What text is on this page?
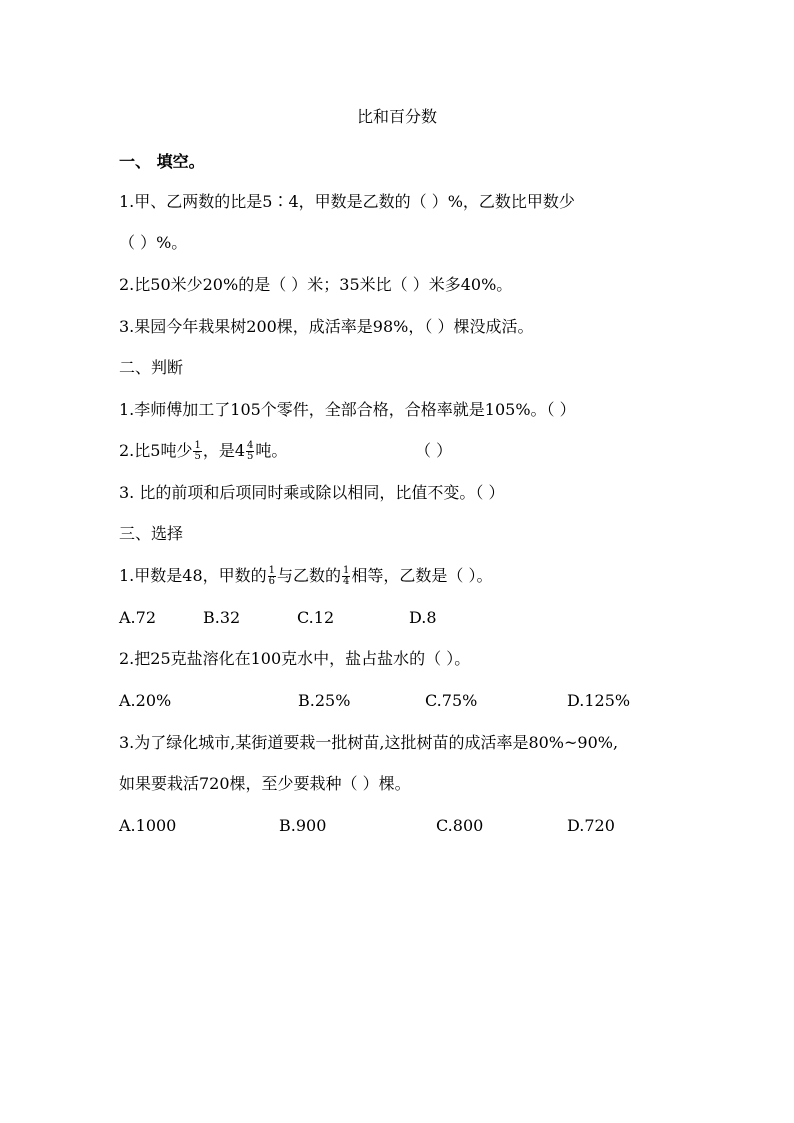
比和百分数
一、 填空。
1.甲、乙两数的比是5∶4，甲数是乙数的（ ）%，乙数比甲数少
（ ）%。
2.比50米少20%的是（ ）米；35米比（ ）米多40%。
3.果园今年栽果树200棵，成活率是98%，（ ）棵没成活。
二、判断
1.李师傅加工了105个零件，全部合格，合格率就是105%。（ ）
2.比5吨少 $\frac{1}{5}$ ，是$4 \frac{4}{5}$ 吨。	（ ）
3. 比的前项和后项同时乘或除以相同，比值不变。（ ）
三、选择
1.甲数是48，甲数的 $\frac{1}{6}$ 与乙数的 $\frac{1}{4}$ 相等，乙数是（ ）。
A.72	B.32	C.12	D.8
2.把25克盐溶化在100克水中，盐占盐水的（ ）。
A.20%	B.25%	C.75%	D.125%
3.为了绿化城市,某街道要栽一批树苗,这批树苗的成活率是80%~90%,
如果要栽活720棵，至少要栽种（ ）棵。
A.1000	B.900	C.800	D.720
